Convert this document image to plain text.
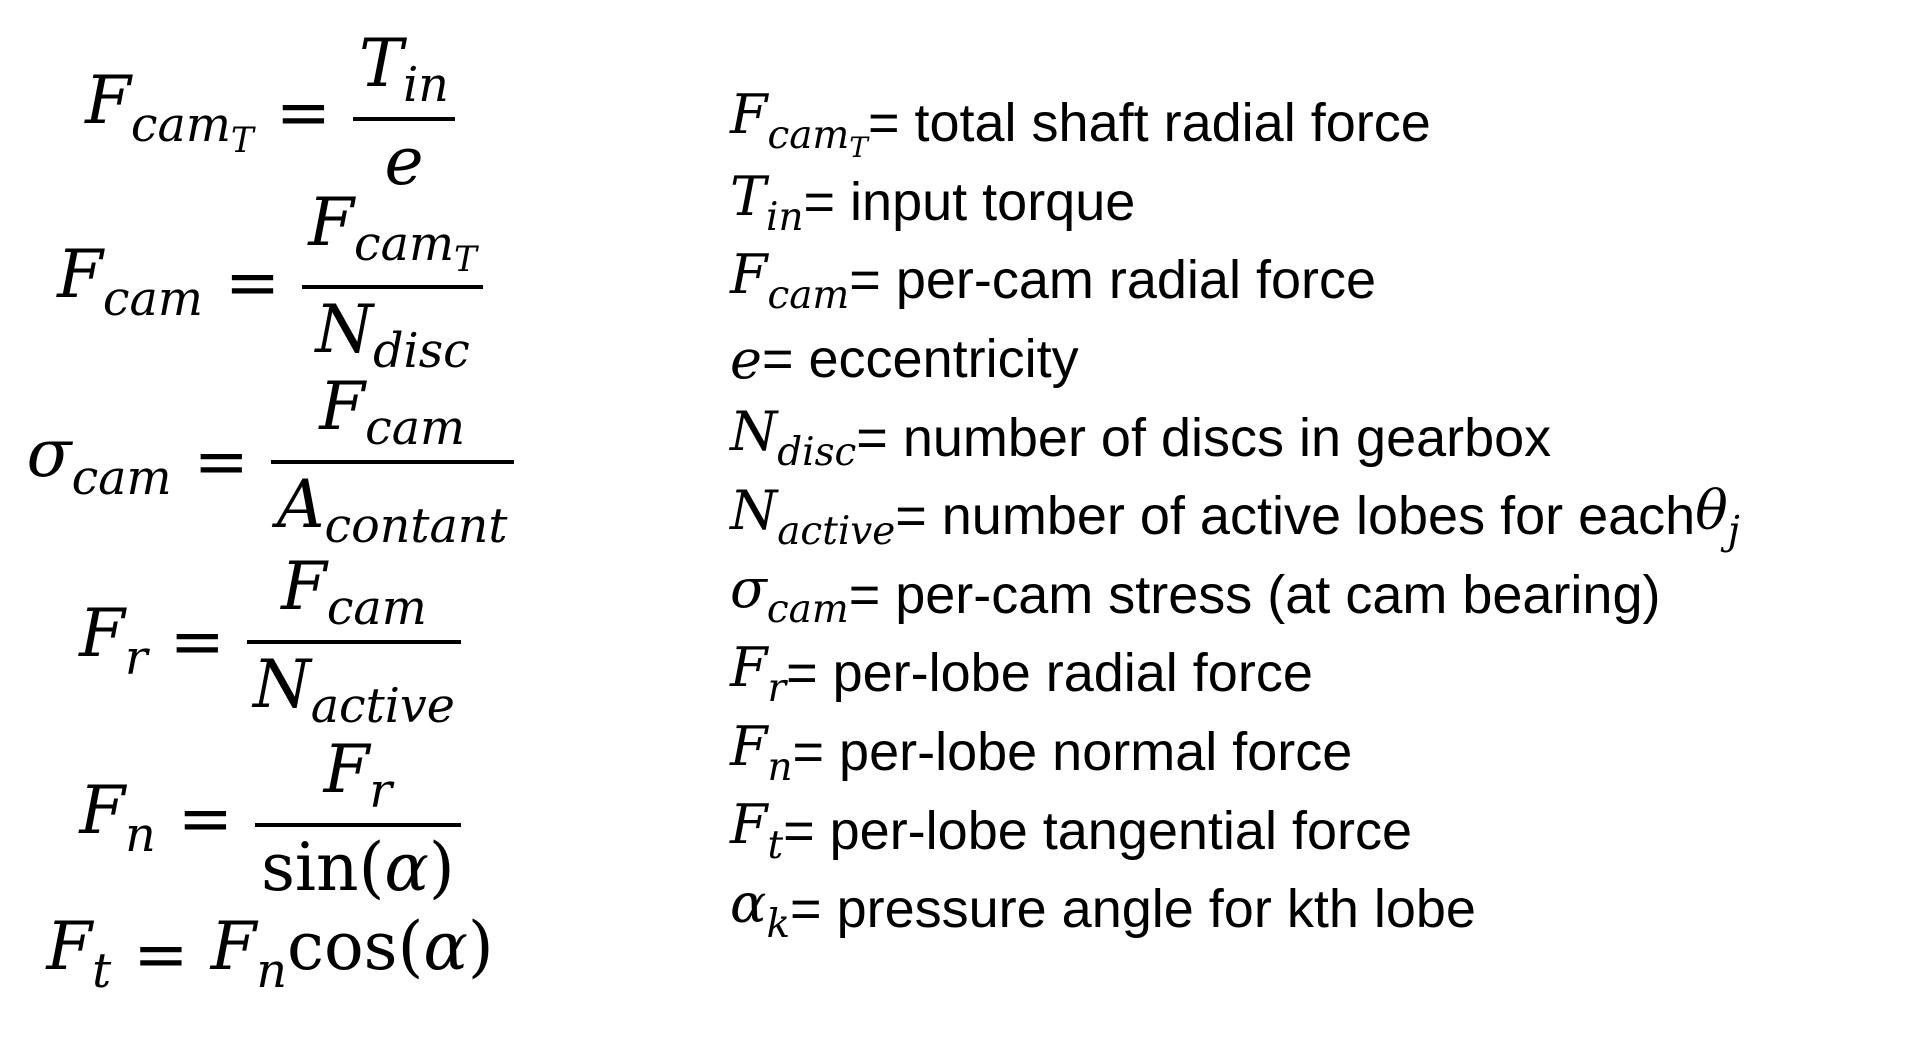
$F_{cam_T} = \frac{T_{in}}{e}$
$F_{cam} = \frac{F_{cam_T}}{N_{disc}}$
$\sigma_{cam} = \frac{F_{cam}}{A_{contant}}$
$F_r = \frac{F_{cam}}{N_{active}}$
$F_n = \frac{F_r}{\sin(\alpha)}$
$F_t = F_n\cos(\alpha)$
$F_{cam_T}$ = total shaft radial force
$T_{in}$ = input torque
$F_{cam} = per-cam$ radial force
e = eccentricity
$N_{disc}$ = number of discs in gearbox
$N_{active}$ = number of active lobes for each $\theta_j$
$\sigma_{cam} = per-cam$ stress (at cam bearing)
$F_r$ = per-lobe radial force
$F_n$ = per-lobe normal force
$F_t$ = per-lobe tangential force
$\alpha_k$ = pressure angle for kth lobe
